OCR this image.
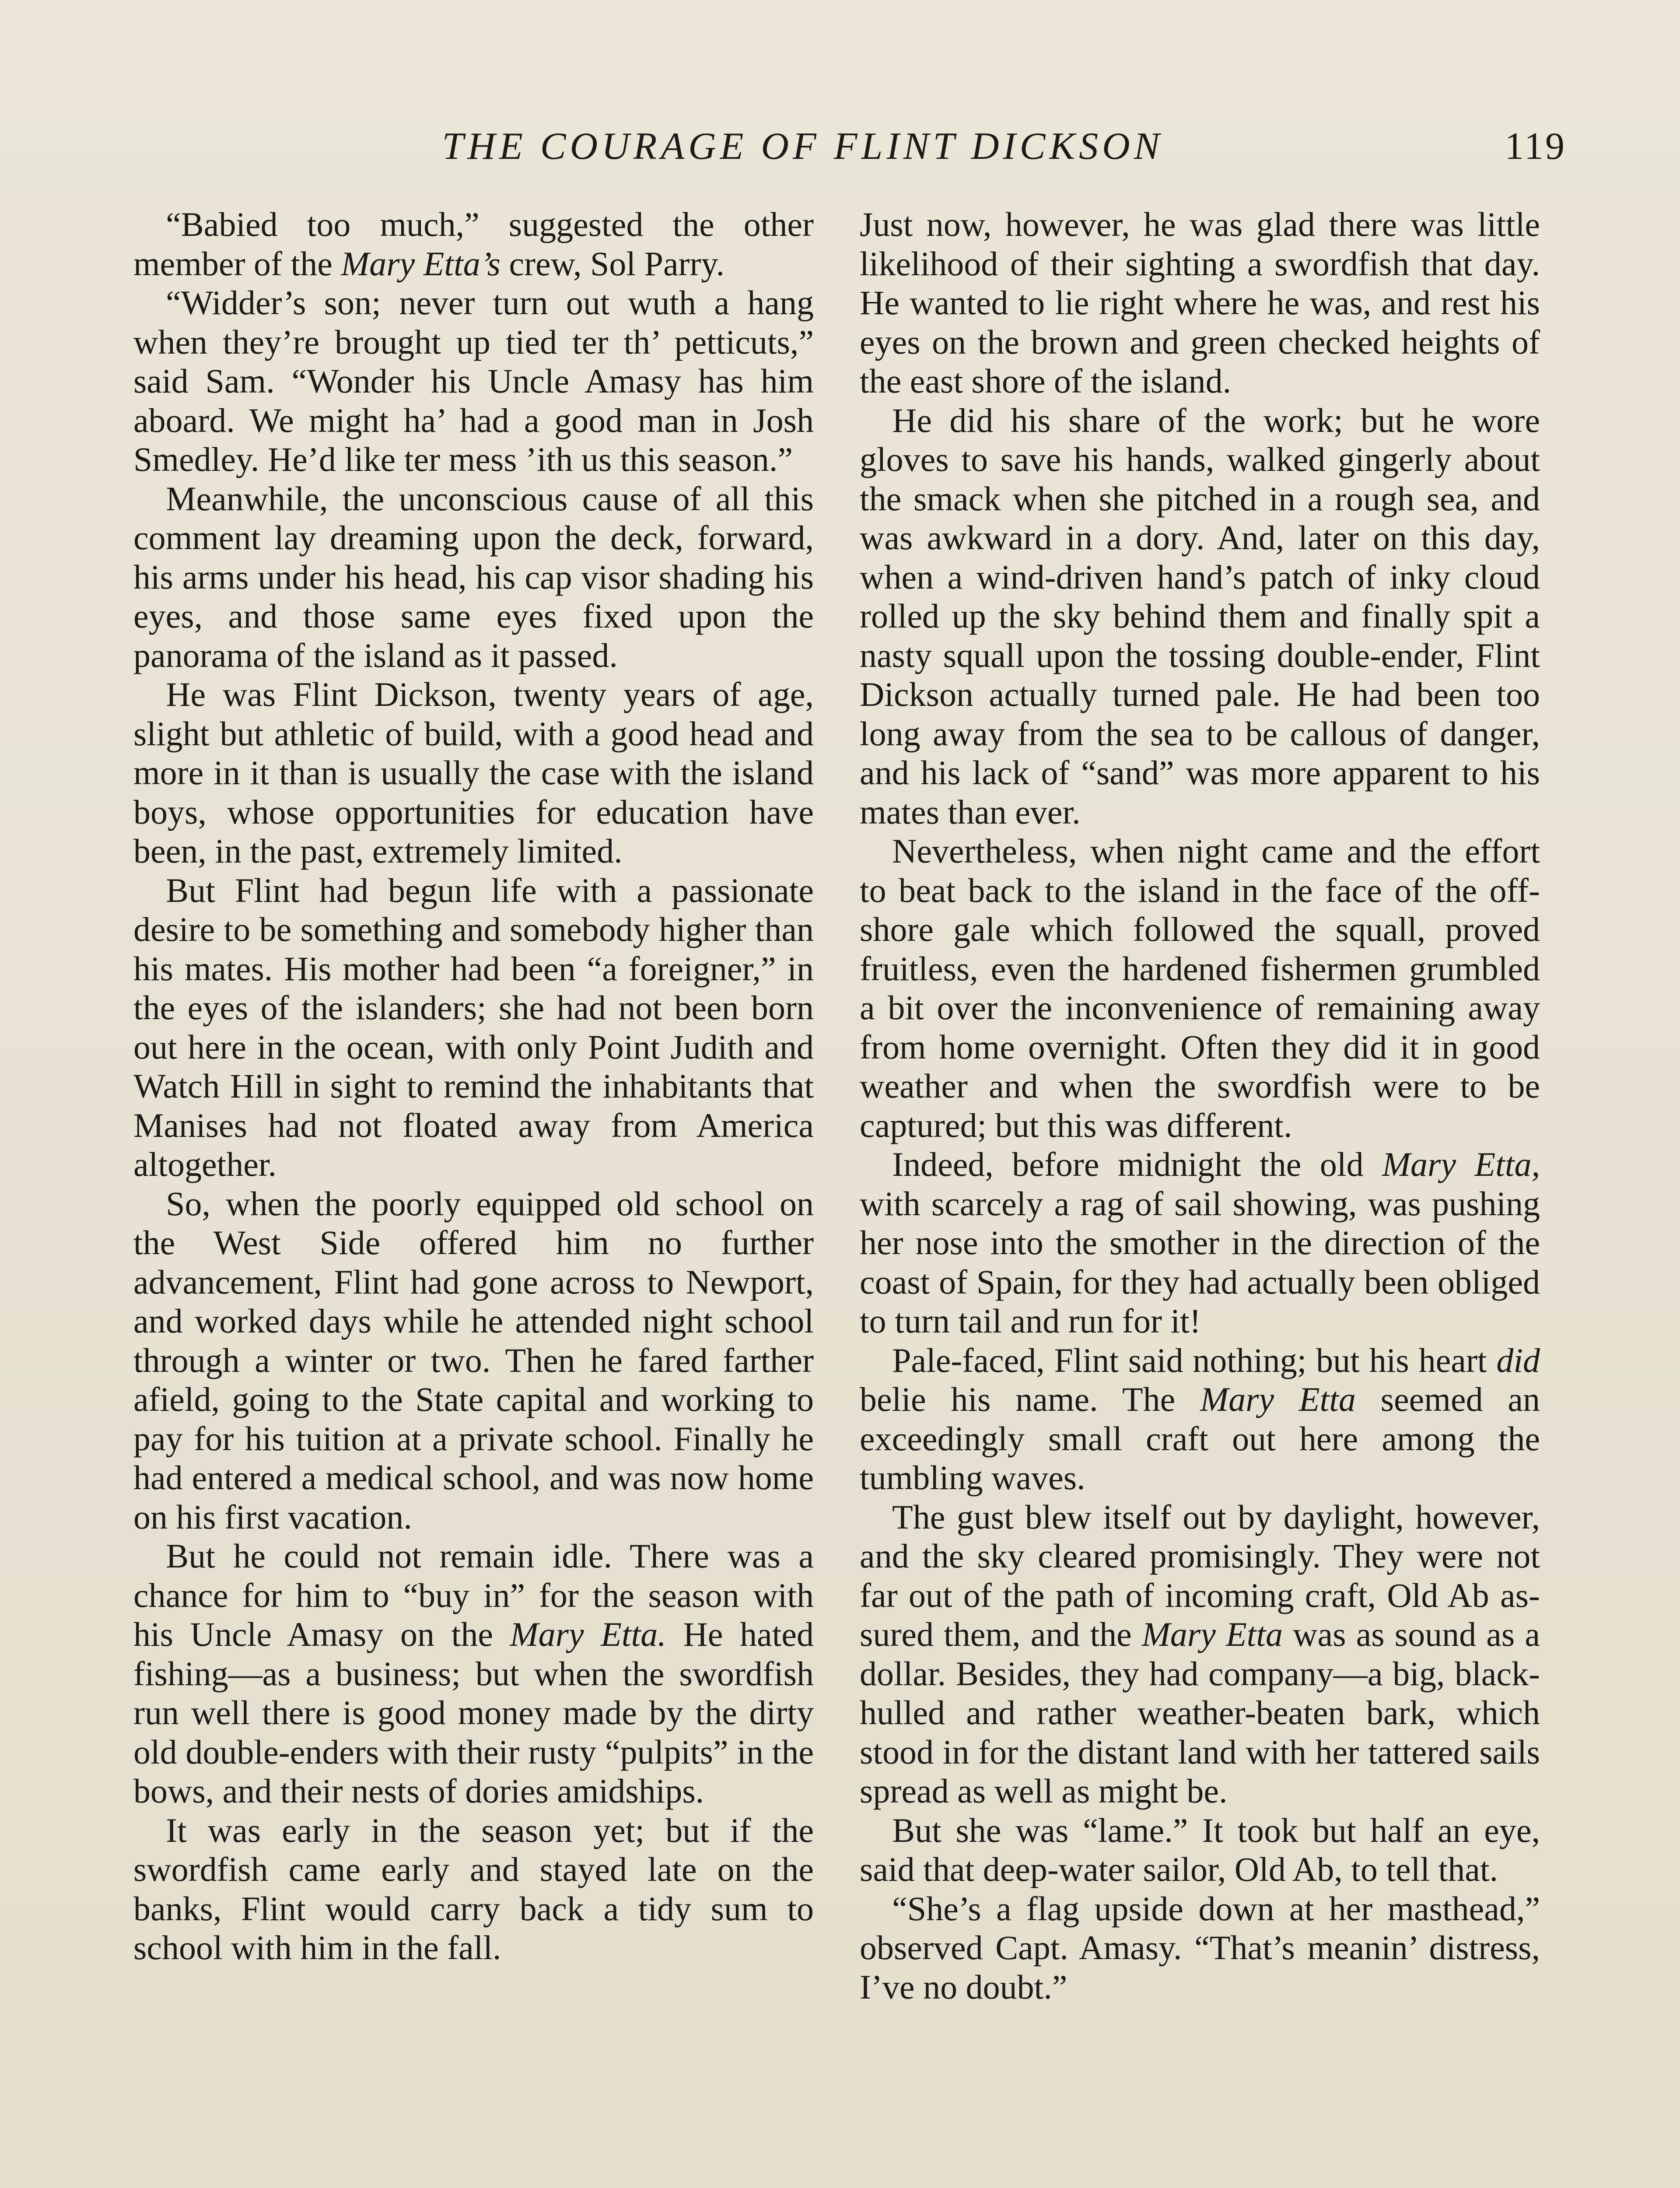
THE COURAGE OF FLINT DICKSON	119

“Babied too much,” suggested the other member of the Mary Etta’s crew, Sol Parry.

“Widder’s son; never turn out wuth a hang when they’re brought up tied ter th’ petticuts,” said Sam. “Wonder his Uncle Amasy has him aboard. We might ha’ had a good man in Josh Smedley. He’d like ter mess ’ith us this season.”

Meanwhile, the unconscious cause of all this comment lay dreaming upon the deck, forward, his arms under his head, his cap visor shading his eyes, and those same eyes fixed upon the panorama of the island as it passed.

He was Flint Dickson, twenty years of age, slight but athletic of build, with a good head and more in it than is usually the case with the island boys, whose opportunities for education have been, in the past, extremely limited.

But Flint had begun life with a passionate desire to be something and somebody higher than his mates. His mother had been “a foreigner,” in the eyes of the islanders; she had not been born out here in the ocean, with only Point Judith and Watch Hill in sight to remind the inhabitants that Manises had not floated away from America altogether.

So, when the poorly equipped old school on the West Side offered him no further advancement, Flint had gone across to Newport, and worked days while he attended night school through a winter or two. Then he fared farther afield, going to the State capital and working to pay for his tuition at a private school. Finally he had entered a medical school, and was now home on his first vacation.

But he could not remain idle. There was a chance for him to “buy in” for the season with his Uncle Amasy on the Mary Etta. He hated fishing—as a business; but when the swordfish run well there is good money made by the dirty old double-enders with their rusty “pulpits” in the bows, and their nests of dories amidships.

It was early in the season yet; but if the swordfish came early and stayed late on the banks, Flint would carry back a tidy sum to school with him in the fall.

Just now, however, he was glad there was little likelihood of their sighting a swordfish that day. He wanted to lie right where he was, and rest his eyes on the brown and green checked heights of the east shore of the island.

He did his share of the work; but he wore gloves to save his hands, walked gingerly about the smack when she pitched in a rough sea, and was awkward in a dory. And, later on this day, when a wind-driven hand’s patch of inky cloud rolled up the sky behind them and finally spit a nasty squall upon the tossing double-ender, Flint Dickson actually turned pale. He had been too long away from the sea to be callous of danger, and his lack of “sand” was more apparent to his mates than ever.

Nevertheless, when night came and the effort to beat back to the island in the face of the off-shore gale which followed the squall, proved fruitless, even the hardened fishermen grumbled a bit over the inconvenience of remaining away from home overnight. Often they did it in good weather and when the swordfish were to be captured; but this was different.

Indeed, before midnight the old Mary Etta, with scarcely a rag of sail showing, was pushing her nose into the smother in the direction of the coast of Spain, for they had actually been obliged to turn tail and run for it!

Pale-faced, Flint said nothing; but his heart did belie his name. The Mary Etta seemed an exceedingly small craft out here among the tumbling waves.

The gust blew itself out by daylight, however, and the sky cleared promisingly. They were not far out of the path of incoming craft, Old Ab assured them, and the Mary Etta was as sound as a dollar. Besides, they had company—a big, black-hulled and rather weather-beaten bark, which stood in for the distant land with her tattered sails spread as well as might be.

But she was “lame.” It took but half an eye, said that deep-water sailor, Old Ab, to tell that.

“She’s a flag upside down at her masthead,” observed Capt. Amasy. “That’s meanin’ distress, I’ve no doubt.”
